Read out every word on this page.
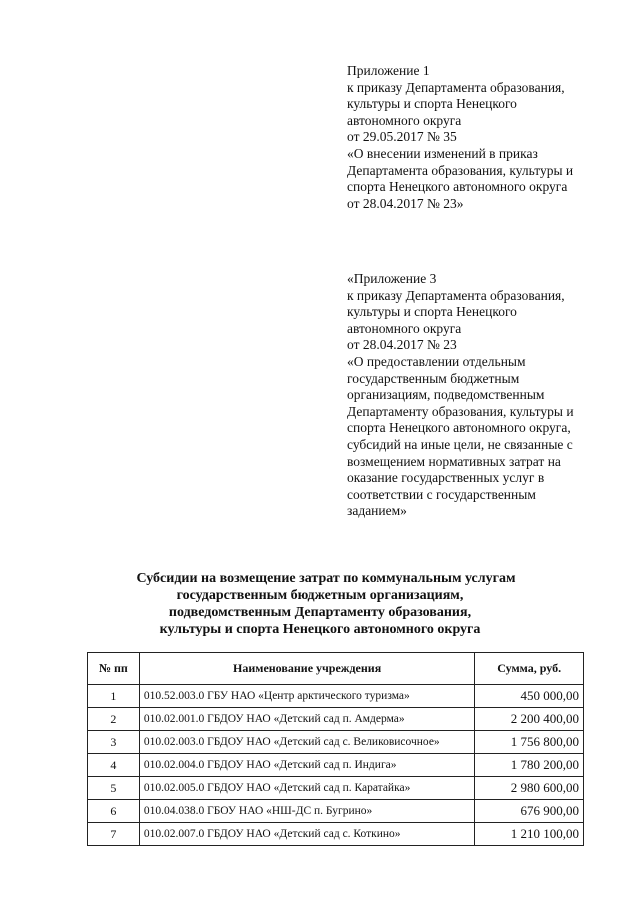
Приложение 1
к приказу Департамента образования,
культуры и спорта Ненецкого
автономного округа
от 29.05.2017 № 35
«О внесении изменений в приказ
Департамента образования, культуры и
спорта Ненецкого автономного округа
от 28.04.2017 № 23»
«Приложение 3
к приказу Департамента образования,
культуры и спорта Ненецкого
автономного округа
от 28.04.2017 № 23
«О предоставлении отдельным
государственным бюджетным
организациям, подведомственным
Департаменту образования, культуры и
спорта Ненецкого автономного округа,
субсидий на иные цели, не связанные с
возмещением нормативных затрат на
оказание государственных услуг в
соответствии с государственным
заданием»
Субсидии на возмещение затрат по коммунальным услугам
государственным бюджетным организациям,
подведомственным Департаменту образования,
культуры и спорта Ненецкого автономного округа
№ пп	Наименование учреждения	Сумма, руб.
1	010.52.003.0 ГБУ НАО «Центр арктического туризма»	450 000,00
2	010.02.001.0 ГБДОУ НАО «Детский сад п. Амдерма»	2 200 400,00
3	010.02.003.0 ГБДОУ НАО «Детский сад с. Великовисочное»	1 756 800,00
4	010.02.004.0 ГБДОУ НАО «Детский сад п. Индига»	1 780 200,00
5	010.02.005.0 ГБДОУ НАО «Детский сад п. Каратайка»	2 980 600,00
6	010.04.038.0 ГБОУ НАО «НШ-ДС п. Бугрино»	676 900,00
7	010.02.007.0 ГБДОУ НАО «Детский сад с. Коткино»	1 210 100,00
